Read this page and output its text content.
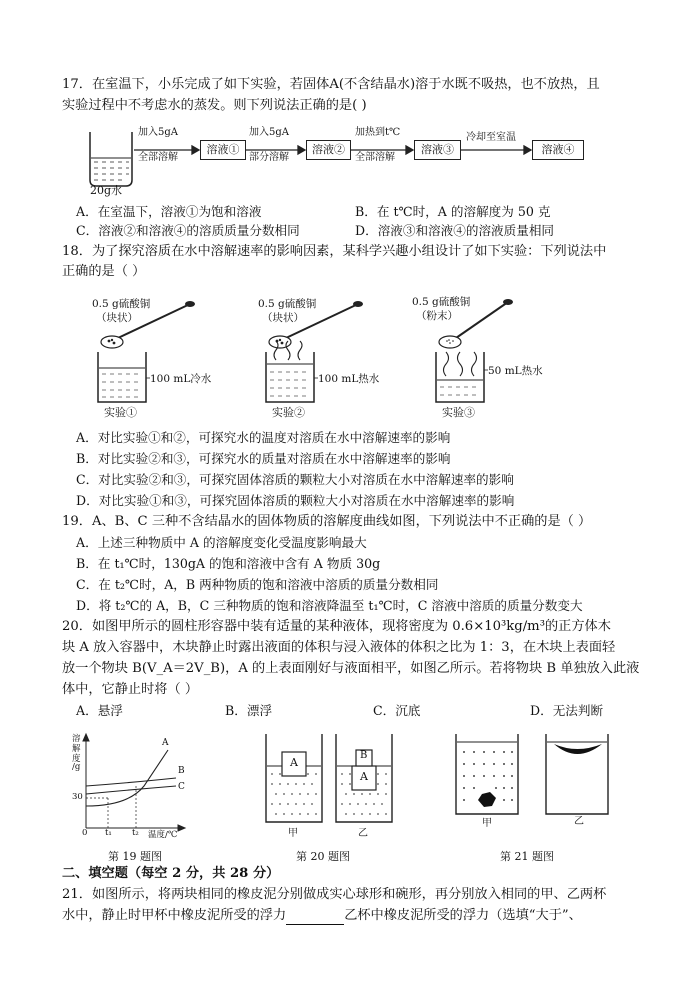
17．在室温下，小乐完成了如下实验，若固体A(不含结晶水)溶于水既不吸热，也不放热，且
实验过程中不考虑水的蒸发。则下列说法正确的是( )
20g水
加入5gA
全部溶解
溶液①
加入5gA
部分溶解
溶液②
加热到t℃
全部溶解
溶液③
冷却至室温
溶液④
A．在室温下，溶液①为饱和溶液	B．在 t℃时，A 的溶解度为 50 克
C．溶液②和溶液④的溶质质量分数相同	D．溶液③和溶液④的溶液质量相同
18．为了探究溶质在水中溶解速率的影响因素，某科学兴趣小组设计了如下实验：下列说法中
正确的是（ ）
0.5 g硫酸铜
（块状）
100 mL冷水
实验①
0.5 g硫酸铜
（块状）
100 mL热水
实验②
0.5 g硫酸铜
（粉末）
50 mL热水
实验③
A．对比实验①和②，可探究水的温度对溶质在水中溶解速率的影响
B．对比实验②和③，可探究水的质量对溶质在水中溶解速率的影响
C．对比实验②和③，可探究固体溶质的颗粒大小对溶质在水中溶解速率的影响
D．对比实验①和③，可探究固体溶质的颗粒大小对溶质在水中溶解速率的影响
19．A、B、C 三种不含结晶水的固体物质的溶解度曲线如图，下列说法中不正确的是（ ）
A．上述三种物质中 A 的溶解度变化受温度影响最大
B．在 t₁℃时，130gA 的饱和溶液中含有 A 物质 30g
C．在 t₂℃时，A，B 两种物质的饱和溶液中溶质的质量分数相同
D．将 t₂℃的 A，B，C 三种物质的饱和溶液降温至 t₁℃时，C 溶液中溶质的质量分数变大
20．如图甲所示的圆柱形容器中装有适量的某种液体，现将密度为 0.6×10³kg/m³的正方体木
块 A 放入容器中，木块静止时露出液面的体积与浸入液体的体积之比为 1：3，在木块上表面轻
放一个物块 B(V_A＝2V_B)，A 的上表面刚好与液面相平，如图乙所示。若将物块 B 单独放入此液
体中，它静止时将（ ）
A．悬浮	B．漂浮	C．沉底	D．无法判断
溶
解
度
/g
30
0 t₁ t₂ 温度/℃
A
B
C
第 19 题图
A
A
B
甲	乙
第 20 题图
甲	乙
第 21 题图
二、填空题（每空 2 分，共 28 分）
21．如图所示，将两块相同的橡皮泥分别做成实心球形和碗形，再分别放入相同的甲、乙两杯
水中，静止时甲杯中橡皮泥所受的浮力	乙杯中橡皮泥所受的浮力（选填“大于”、
